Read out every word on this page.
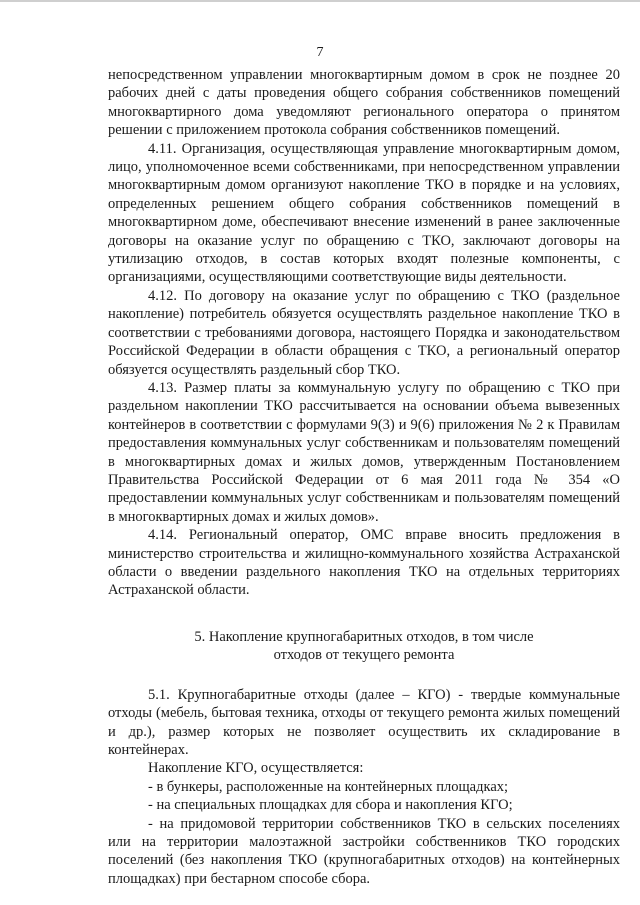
7

непосредственном управлении многоквартирным домом в срок не позднее 20 рабочих дней с даты проведения общего собрания собственников помещений многоквартирного дома уведомляют регионального оператора о принятом решении с приложением протокола собрания собственников помещений.

4.11. Организация, осуществляющая управление многоквартирным домом, лицо, уполномоченное всеми собственниками, при непосредственном управлении многоквартирным домом организуют накопление ТКО в порядке и на условиях, определенных решением общего собрания собственников помещений в многоквартирном доме, обеспечивают внесение изменений в ранее заключенные договоры на оказание услуг по обращению с ТКО, заключают договоры на утилизацию отходов, в состав которых входят полезные компоненты, с организациями, осуществляющими соответствующие виды деятельности.

4.12. По договору на оказание услуг по обращению с ТКО (раздельное накопление) потребитель обязуется осуществлять раздельное накопление ТКО в соответствии с требованиями договора, настоящего Порядка и законодательством Российской Федерации в области обращения с ТКО, а региональный оператор обязуется осуществлять раздельный сбор ТКО.

4.13. Размер платы за коммунальную услугу по обращению с ТКО при раздельном накоплении ТКО рассчитывается на основании объема вывезенных контейнеров в соответствии с формулами 9(3) и 9(6) приложения № 2 к Правилам предоставления коммунальных услуг собственникам и пользователям помещений в многоквартирных домах и жилых домов, утвержденным Постановлением Правительства Российской Федерации от 6 мая 2011 года № 354 «О предоставлении коммунальных услуг собственникам и пользователям помещений в многоквартирных домах и жилых домов».

4.14. Региональный оператор, ОМС вправе вносить предложения в министерство строительства и жилищно-коммунального хозяйства Астраханской области о введении раздельного накопления ТКО на отдельных территориях Астраханской области.

5. Накопление крупногабаритных отходов, в том числе
отходов от текущего ремонта

5.1. Крупногабаритные отходы (далее – КГО) - твердые коммунальные отходы (мебель, бытовая техника, отходы от текущего ремонта жилых помещений и др.), размер которых не позволяет осуществить их складирование в контейнерах.

Накопление КГО, осуществляется:

- в бункеры, расположенные на контейнерных площадках;

- на специальных площадках для сбора и накопления КГО;

- на придомовой территории собственников ТКО в сельских поселениях или на территории малоэтажной застройки собственников ТКО городских поселений (без накопления ТКО (крупногабаритных отходов) на контейнерных площадках) при бестарном способе сбора.
